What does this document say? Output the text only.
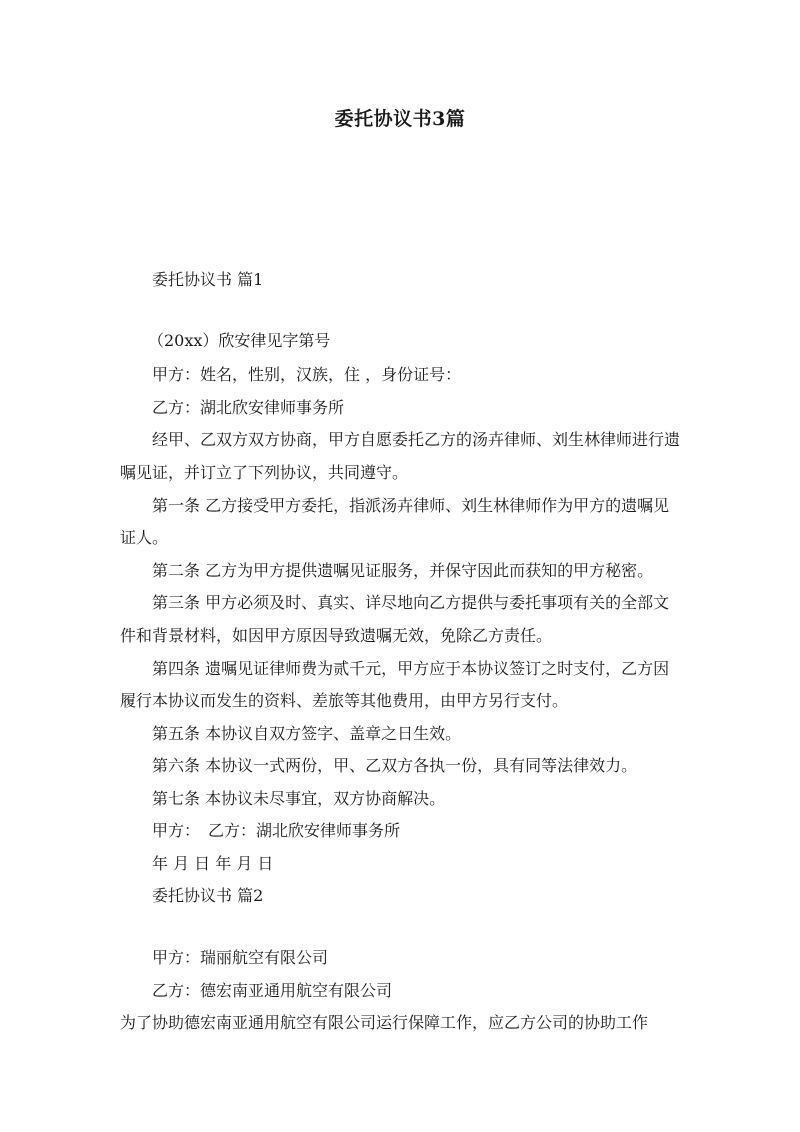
委托协议书3篇
委托协议书 篇1
（20xx）欣安律见字第号
甲方：姓名，性别，汉族，住 ，身份证号：
乙方：湖北欣安律师事务所
经甲、乙双方双方协商，甲方自愿委托乙方的汤卉律师、刘生林律师进行遗
嘱见证，并订立了下列协议，共同遵守。
第一条 乙方接受甲方委托，指派汤卉律师、刘生林律师作为甲方的遗嘱见
证人。
第二条 乙方为甲方提供遗嘱见证服务，并保守因此而获知的甲方秘密。
第三条 甲方必须及时、真实、详尽地向乙方提供与委托事项有关的全部文
件和背景材料，如因甲方原因导致遗嘱无效，免除乙方责任。
第四条 遗嘱见证律师费为贰千元，甲方应于本协议签订之时支付，乙方因
履行本协议而发生的资料、差旅等其他费用，由甲方另行支付。
第五条 本协议自双方签字、盖章之日生效。
第六条 本协议一式两份，甲、乙双方各执一份，具有同等法律效力。
第七条 本协议未尽事宜，双方协商解决。
甲方：　乙方：湖北欣安律师事务所
年 月 日 年 月 日
委托协议书 篇2
甲方：瑞丽航空有限公司
乙方：德宏南亚通用航空有限公司
为了协助德宏南亚通用航空有限公司运行保障工作，应乙方公司的协助工作
